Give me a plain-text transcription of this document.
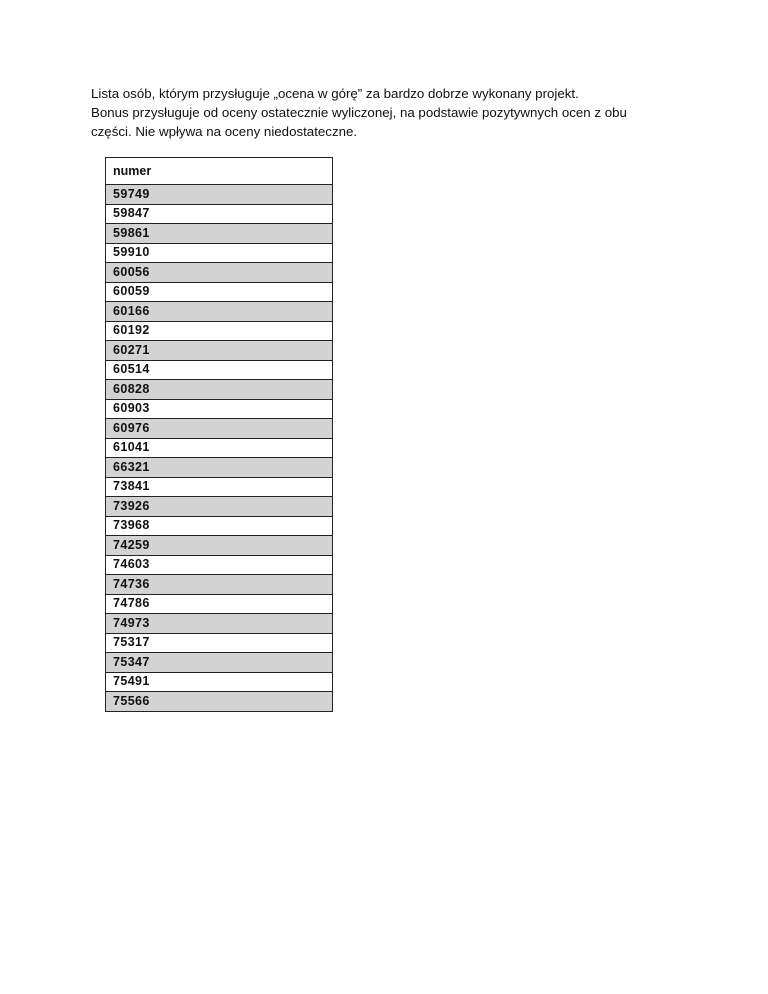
Lista osób, którym przysługuje „ocena w górę” za bardzo dobrze wykonany projekt.

Bonus przysługuje od oceny ostatecznie wyliczonej, na podstawie pozytywnych ocen z obu

części. Nie wpływa na oceny niedostateczne.

numer
59749
59847
59861
59910
60056
60059
60166
60192
60271
60514
60828
60903
60976
61041
66321
73841
73926
73968
74259
74603
74736
74786
74973
75317
75347
75491
75566
